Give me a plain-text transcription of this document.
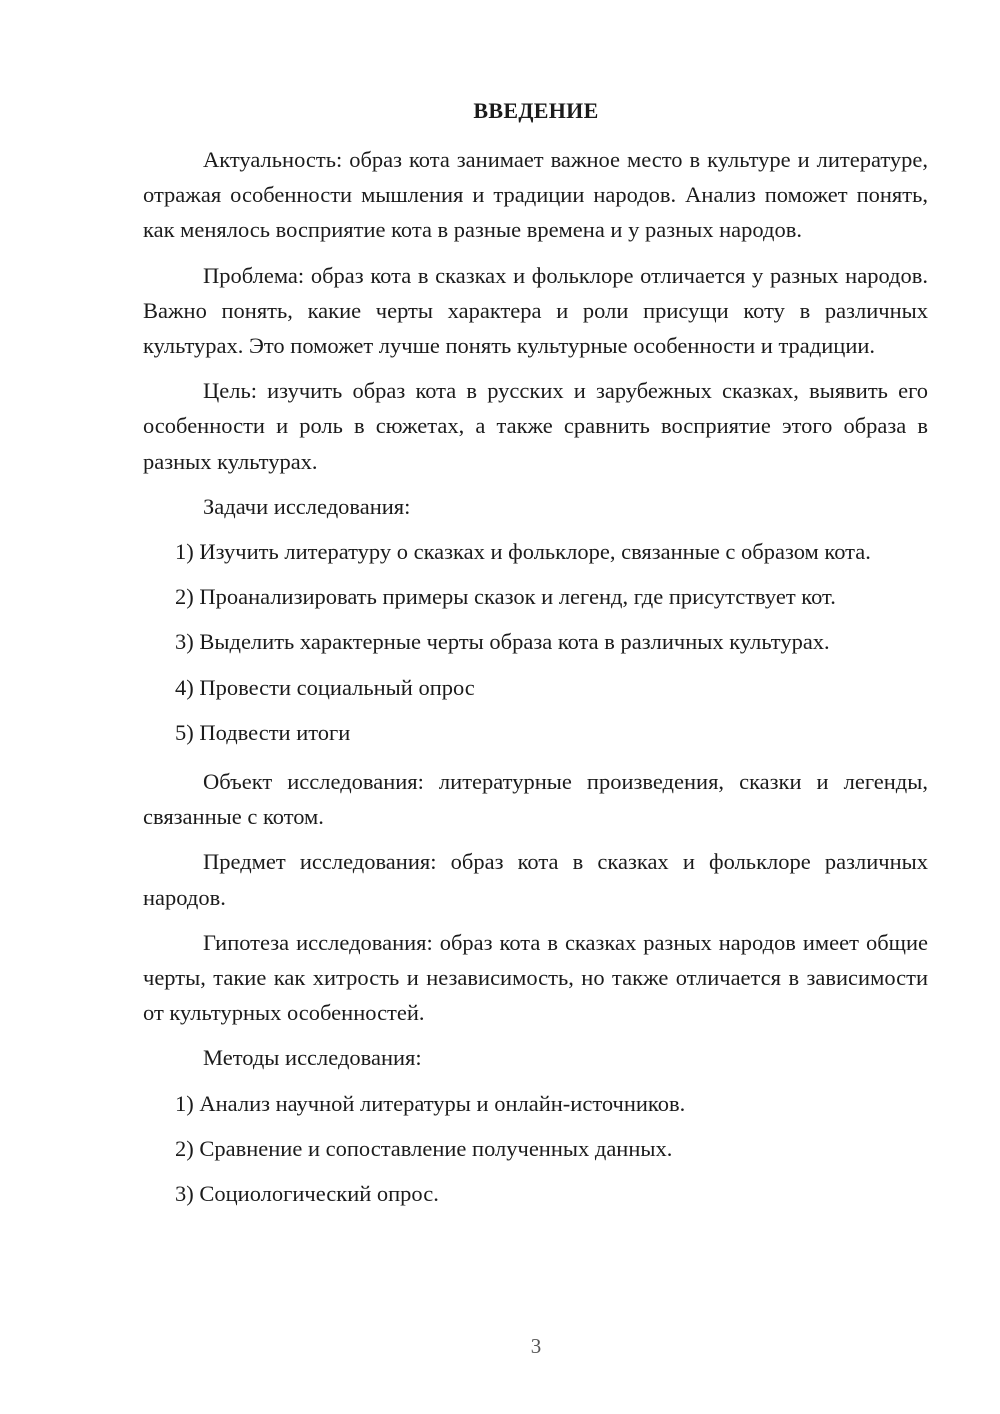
ВВЕДЕНИЕ

Актуальность: образ кота занимает важное место в культуре и литературе, отражая особенности мышления и традиции народов. Анализ поможет понять, как менялось восприятие кота в разные времена и у разных народов.

Проблема: образ кота в сказках и фольклоре отличается у разных народов. Важно понять, какие черты характера и роли присущи коту в различных культурах. Это поможет лучше понять культурные особенности и традиции.

Цель: изучить образ кота в русских и зарубежных сказках, выявить его особенности и роль в сюжетах, а также сравнить восприятие этого образа в разных культурах.

Задачи исследования:

1) Изучить литературу о сказках и фольклоре, связанные с образом кота.

2) Проанализировать примеры сказок и легенд, где присутствует кот.

3) Выделить характерные черты образа кота в различных культурах.

4) Провести социальный опрос

5) Подвести итоги

Объект исследования: литературные произведения, сказки и легенды, связанные с котом.

Предмет исследования: образ кота в сказках и фольклоре различных народов.

Гипотеза исследования: образ кота в сказках разных народов имеет общие черты, такие как хитрость и независимость, но также отличается в зависимости от культурных особенностей.

Методы исследования:

1) Анализ научной литературы и онлайн-источников.

2) Сравнение и сопоставление полученных данных.

3) Социологический опрос.

3
